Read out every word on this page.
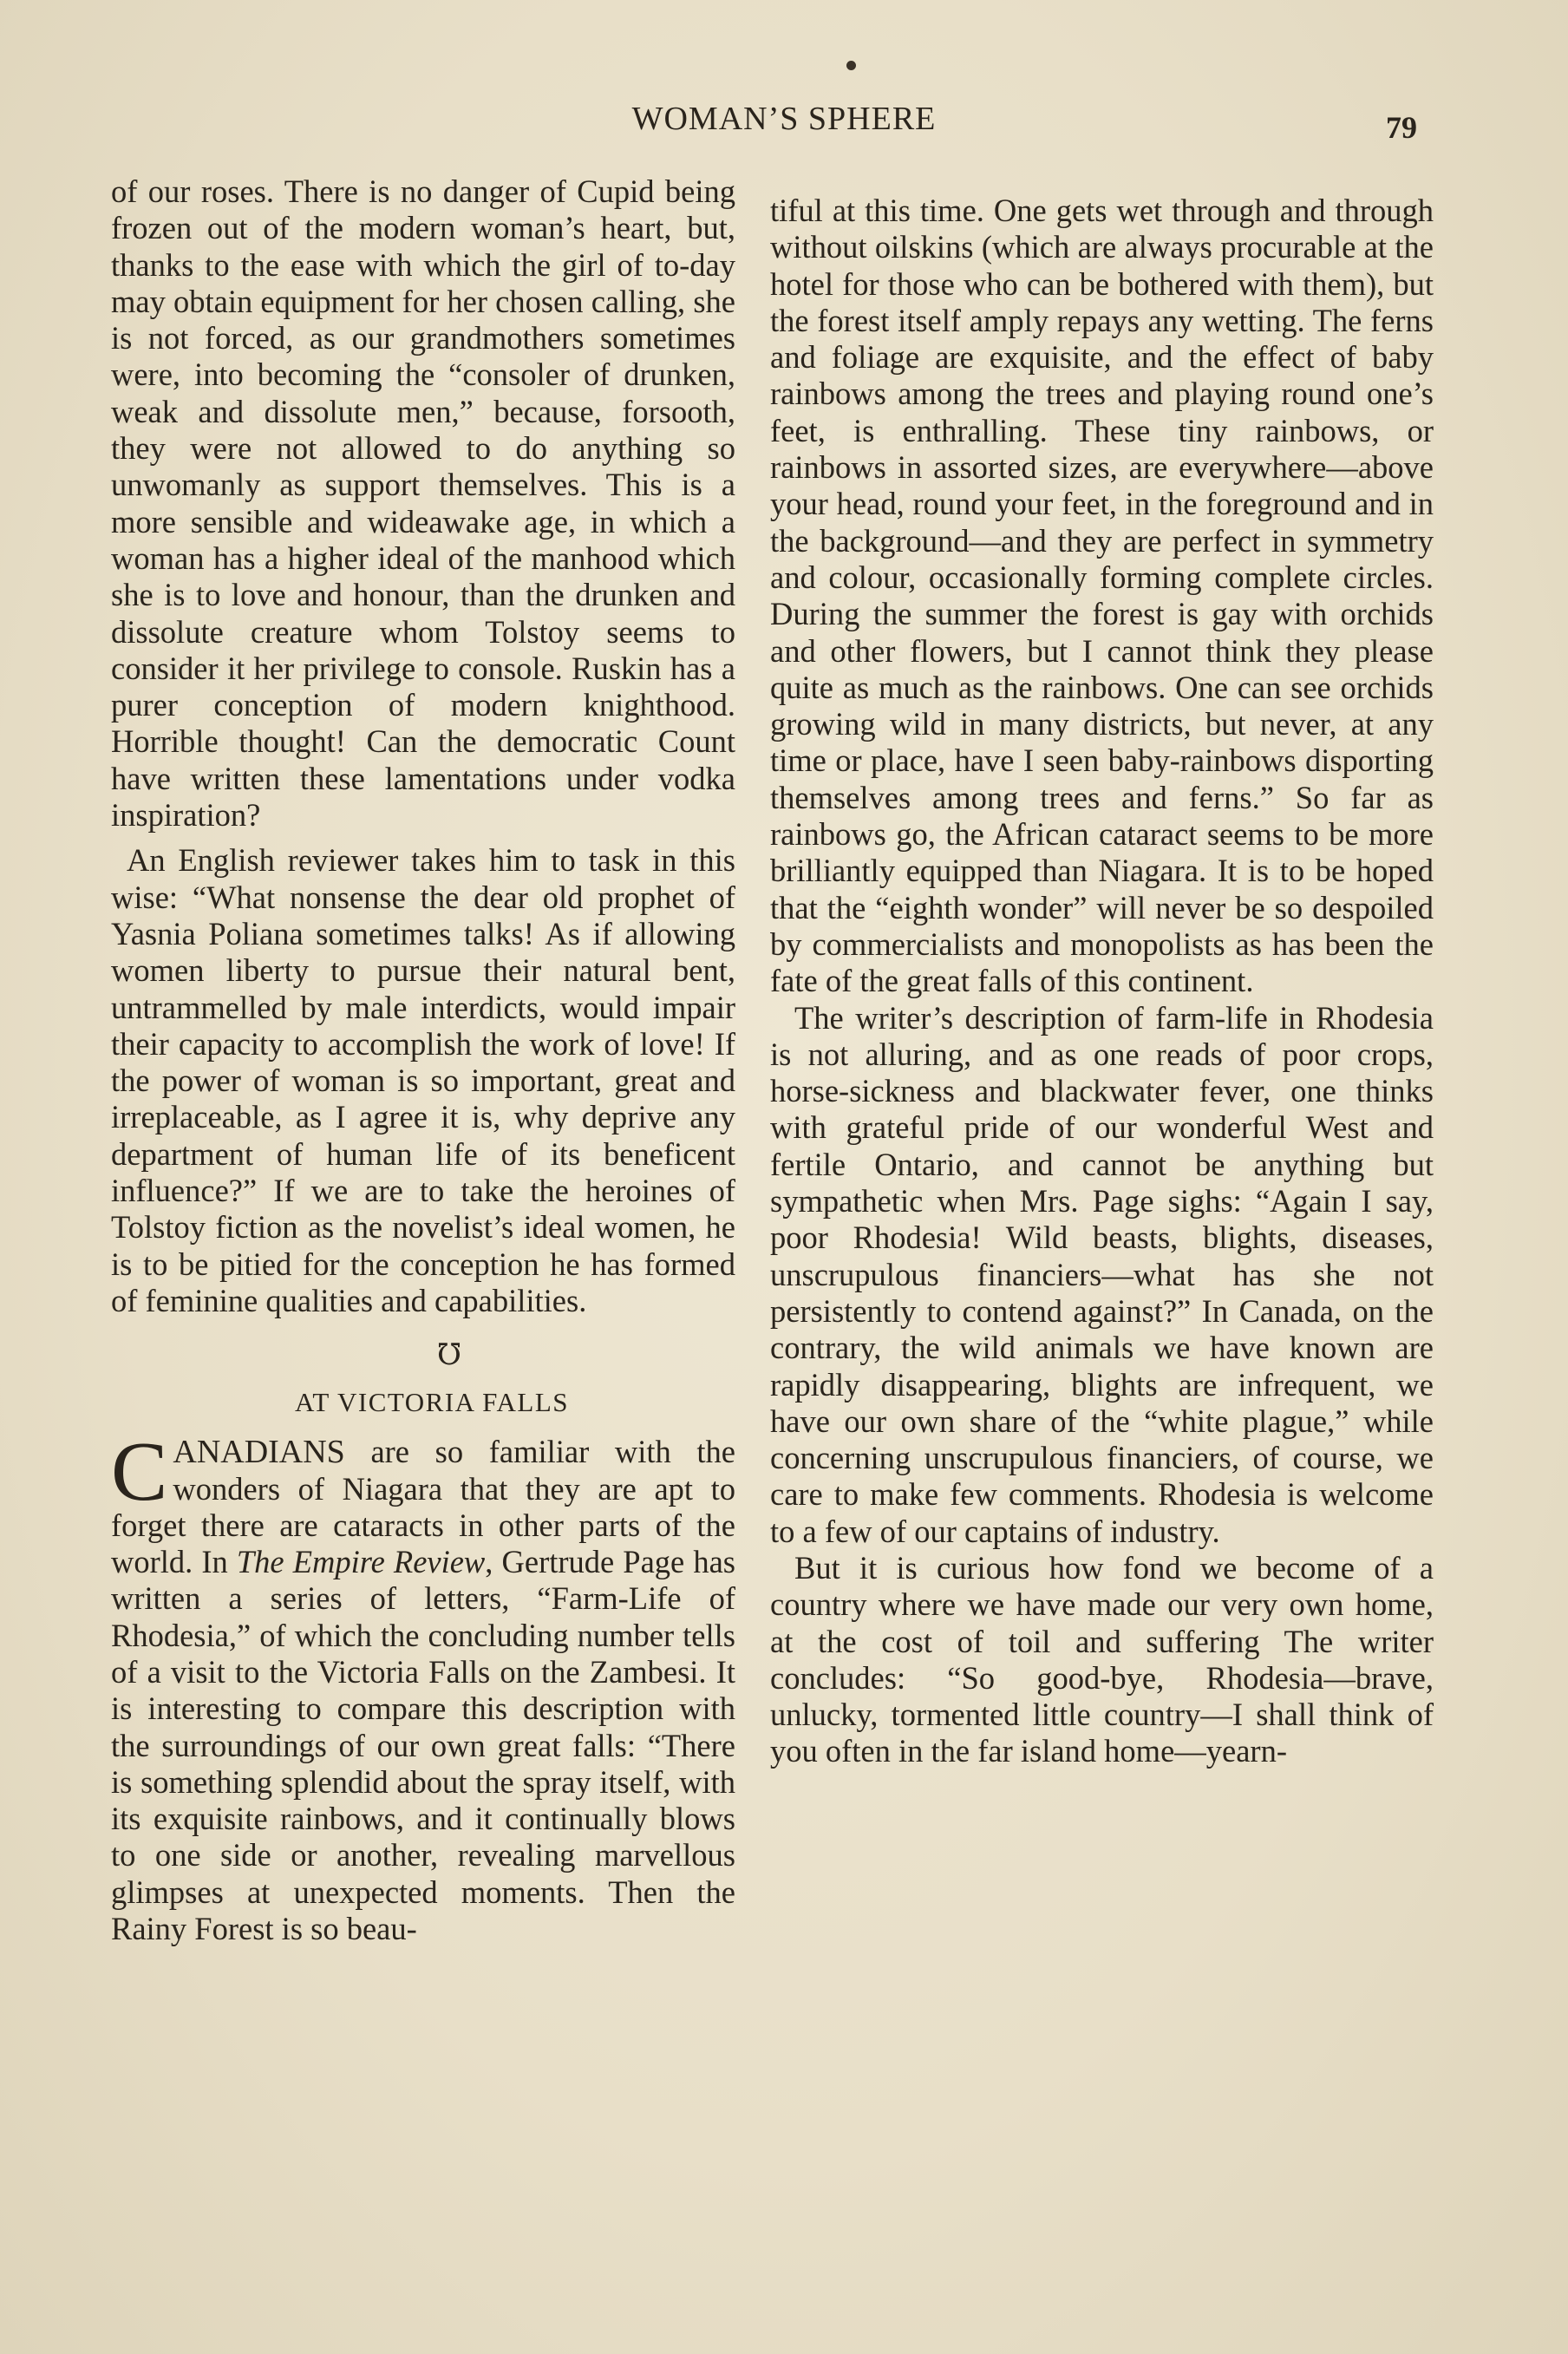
WOMAN’S SPHERE	79

of our roses. There is no danger of Cupid being frozen out of the modern woman’s heart, but, thanks to the ease with which the girl of to-day may obtain equipment for her chosen calling, she is not forced, as our grandmothers sometimes were, into becoming the “consoler of drunken, weak and dissolute men,” because, forsooth, they were not allowed to do anything so unwomanly as support themselves. This is a more sensible and wideawake age, in which a woman has a higher ideal of the manhood which she is to love and honour, than the drunken and dissolute creature whom Tolstoy seems to consider it her privilege to console. Ruskin has a purer conception of modern knighthood. Horrible thought! Can the democratic Count have written these lamentations under vodka inspiration?

An English reviewer takes him to task in this wise: “What nonsense the dear old prophet of Yasnia Poliana sometimes talks! As if allowing women liberty to pursue their natural bent, untrammelled by male interdicts, would impair their capacity to accomplish the work of love! If the power of woman is so important, great and irreplaceable, as I agree it is, why deprive any department of human life of its beneficent influence?” If we are to take the heroines of Tolstoy fiction as the novelist’s ideal women, he is to be pitied for the conception he has formed of feminine qualities and capabilities.

℧
AT VICTORIA FALLS

CANADIANS are so familiar with the wonders of Niagara that they are apt to forget there are cataracts in other parts of the world. In The Empire Review, Gertrude Page has written a series of letters, “Farm-Life of Rhodesia,” of which the concluding number tells of a visit to the Victoria Falls on the Zambesi. It is interesting to compare this description with the surroundings of our own great falls: “There is something splendid about the spray itself, with its exquisite rainbows, and it continually blows to one side or another, revealing marvellous glimpses at unexpected moments. Then the Rainy Forest is so beau-

tiful at this time. One gets wet through and through without oilskins (which are always procurable at the hotel for those who can be bothered with them), but the forest itself amply repays any wetting. The ferns and foliage are exquisite, and the effect of baby rainbows among the trees and playing round one’s feet, is enthralling. These tiny rainbows, or rainbows in assorted sizes, are everywhere—above your head, round your feet, in the foreground and in the background—and they are perfect in symmetry and colour, occasionally forming complete circles. During the summer the forest is gay with orchids and other flowers, but I cannot think they please quite as much as the rainbows. One can see orchids growing wild in many districts, but never, at any time or place, have I seen baby-rainbows disporting themselves among trees and ferns.” So far as rainbows go, the African cataract seems to be more brilliantly equipped than Niagara. It is to be hoped that the “eighth wonder” will never be so despoiled by commercialists and monopolists as has been the fate of the great falls of this continent.

The writer’s description of farm-life in Rhodesia is not alluring, and as one reads of poor crops, horse-sickness and blackwater fever, one thinks with grateful pride of our wonderful West and fertile Ontario, and cannot be anything but sympathetic when Mrs. Page sighs: “Again I say, poor Rhodesia! Wild beasts, blights, diseases, unscrupulous financiers—what has she not persistently to contend against?” In Canada, on the contrary, the wild animals we have known are rapidly disappearing, blights are infrequent, we have our own share of the “white plague,” while concerning unscrupulous financiers, of course, we care to make few comments. Rhodesia is welcome to a few of our captains of industry.

But it is curious how fond we become of a country where we have made our very own home, at the cost of toil and suffering The writer concludes: “So good-bye, Rhodesia—brave, unlucky, tormented little country—I shall think of you often in the far island home—yearn-
